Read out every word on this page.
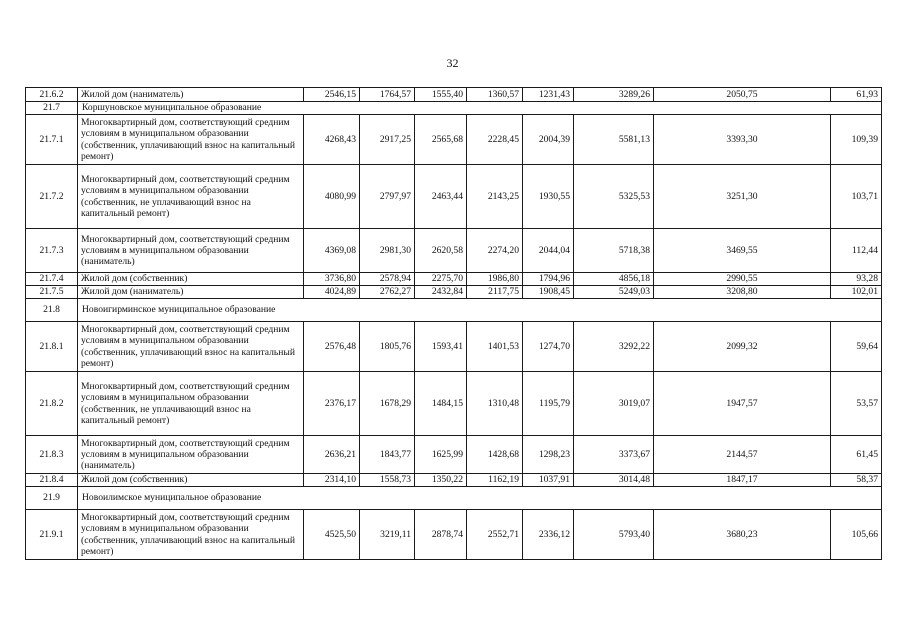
32
21.6.2	Жилой дом (наниматель)	2546,15	1764,57	1555,40	1360,57	1231,43	3289,26	2050,75	61,93
21.7	Коршуновское муниципальное образование								
21.7.1	Многоквартирный дом, соответствующий средним условиям в муниципальном образовании (собственник, уплачивающий взнос на капитальный ремонт)	4268,43	2917,25	2565,68	2228,45	2004,39	5581,13	3393,30	109,39
21.7.2	Многоквартирный дом, соответствующий средним условиям в муниципальном образовании (собственник, не уплачивающий взнос на капитальный ремонт)	4080,99	2797,97	2463,44	2143,25	1930,55	5325,53	3251,30	103,71
21.7.3	Многоквартирный дом, соответствующий средним условиям в муниципальном образовании (наниматель)	4369,08	2981,30	2620,58	2274,20	2044,04	5718,38	3469,55	112,44
21.7.4	Жилой дом (собственник)	3736,80	2578,94	2275,70	1986,80	1794,96	4856,18	2990,55	93,28
21.7.5	Жилой дом (наниматель)	4024,89	2762,27	2432,84	2117,75	1908,45	5249,03	3208,80	102,01
21.8	Новоигирминское муниципальное образование								
21.8.1	Многоквартирный дом, соответствующий средним условиям в муниципальном образовании (собственник, уплачивающий взнос на капитальный ремонт)	2576,48	1805,76	1593,41	1401,53	1274,70	3292,22	2099,32	59,64
21.8.2	Многоквартирный дом, соответствующий средним условиям в муниципальном образовании (собственник, не уплачивающий взнос на капитальный ремонт)	2376,17	1678,29	1484,15	1310,48	1195,79	3019,07	1947,57	53,57
21.8.3	Многоквартирный дом, соответствующий средним условиям в муниципальном образовании (наниматель)	2636,21	1843,77	1625,99	1428,68	1298,23	3373,67	2144,57	61,45
21.8.4	Жилой дом (собственник)	2314,10	1558,73	1350,22	1162,19	1037,91	3014,48	1847,17	58,37
21.9	Новоилимское муниципальное образование								
21.9.1	Многоквартирный дом, соответствующий средним условиям в муниципальном образовании (собственник, уплачивающий взнос на капитальный ремонт)	4525,50	3219,11	2878,74	2552,71	2336,12	5793,40	3680,23	105,66
